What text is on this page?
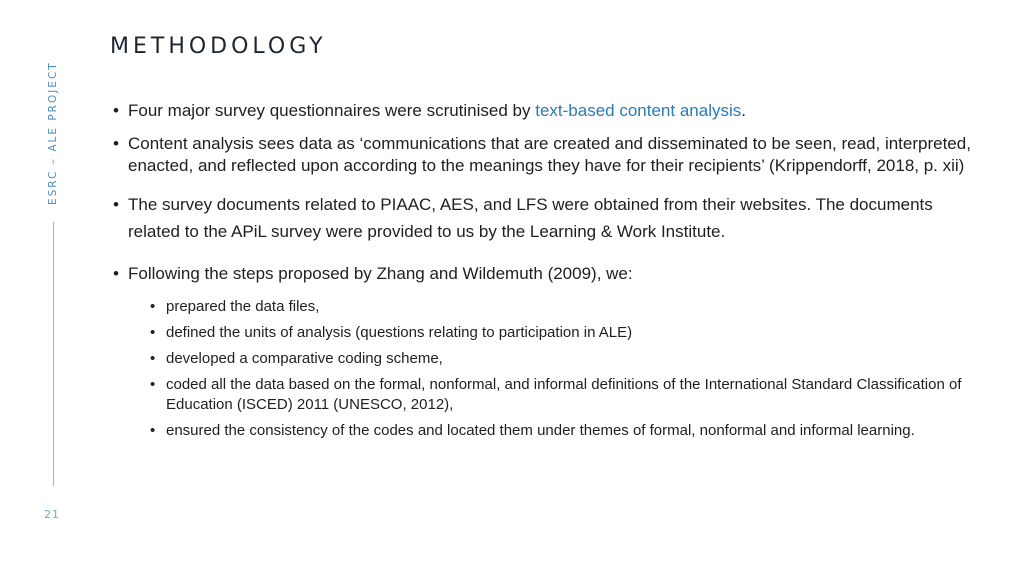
METHODOLOGY
ESRC – ALE PROJECT
21
• Four major survey questionnaires were scrutinised by text-based content analysis.
• Content analysis sees data as ‘communications that are created and disseminated to be seen, read, interpreted, enacted, and reflected upon according to the meanings they have for their recipients’ (Krippendorff, 2018, p. xii)
• The survey documents related to PIAAC, AES, and LFS were obtained from their websites. The documents related to the APiL survey were provided to us by the Learning & Work Institute.
• Following the steps proposed by Zhang and Wildemuth (2009), we:
• prepared the data files,
• defined the units of analysis (questions relating to participation in ALE)
• developed a comparative coding scheme,
• coded all the data based on the formal, nonformal, and informal definitions of the International Standard Classification of Education (ISCED) 2011 (UNESCO, 2012),
• ensured the consistency of the codes and located them under themes of formal, nonformal and informal learning.
